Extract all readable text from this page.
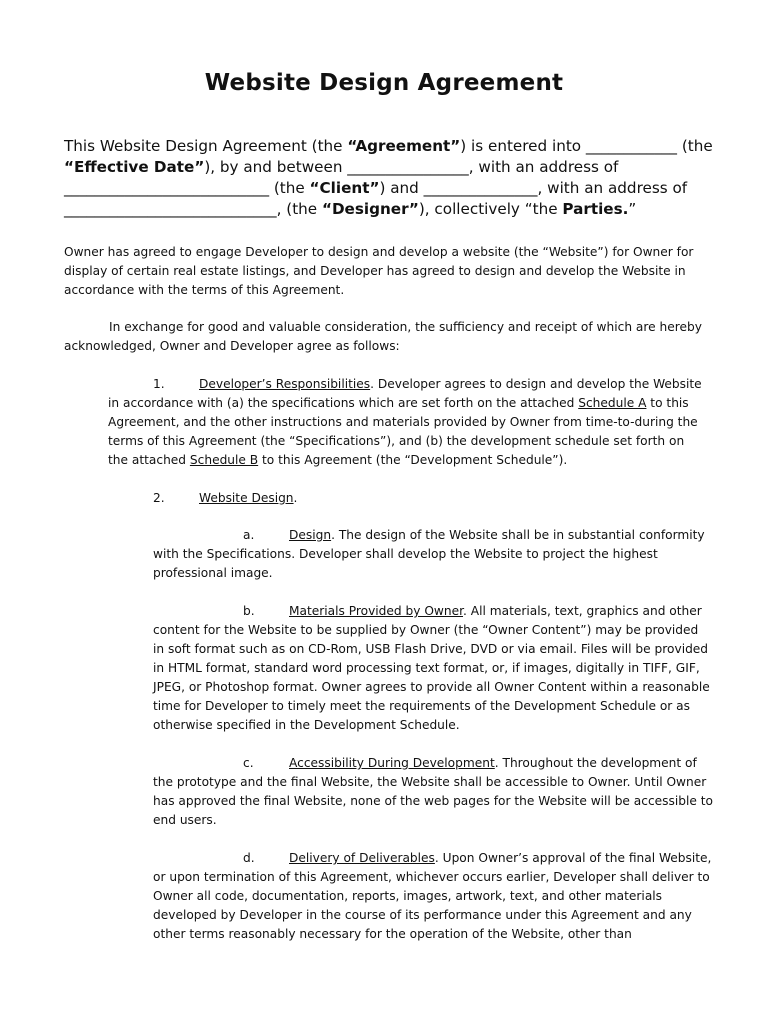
Website Design Agreement

This Website Design Agreement (the “Agreement”) is entered into ____________ (the “Effective Date”), by and between ________________, with an address of ___________________________ (the “Client”) and _______________, with an address of ____________________________, (the “Designer”), collectively “the Parties.”

Owner has agreed to engage Developer to design and develop a website (the “Website”) for Owner for display of certain real estate listings, and Developer has agreed to design and develop the Website in accordance with the terms of this Agreement.

In exchange for good and valuable consideration, the sufficiency and receipt of which are hereby acknowledged, Owner and Developer agree as follows:

1.	Developer’s Responsibilities. Developer agrees to design and develop the Website in accordance with (a) the specifications which are set forth on the attached Schedule A to this Agreement, and the other instructions and materials provided by Owner from time-to-during the terms of this Agreement (the “Specifications”), and (b) the development schedule set forth on the attached Schedule B to this Agreement (the “Development Schedule”).

2.	Website Design.

a.	Design. The design of the Website shall be in substantial conformity with the Specifications. Developer shall develop the Website to project the highest professional image.

b.	Materials Provided by Owner. All materials, text, graphics and other content for the Website to be supplied by Owner (the “Owner Content”) may be provided in soft format such as on CD-Rom, USB Flash Drive, DVD or via email. Files will be provided in HTML format, standard word processing text format, or, if images, digitally in TIFF, GIF, JPEG, or Photoshop format. Owner agrees to provide all Owner Content within a reasonable time for Developer to timely meet the requirements of the Development Schedule or as otherwise specified in the Development Schedule.

c.	Accessibility During Development. Throughout the development of the prototype and the final Website, the Website shall be accessible to Owner. Until Owner has approved the final Website, none of the web pages for the Website will be accessible to end users.

d.	Delivery of Deliverables. Upon Owner’s approval of the final Website, or upon termination of this Agreement, whichever occurs earlier, Developer shall deliver to Owner all code, documentation, reports, images, artwork, text, and other materials developed by Developer in the course of its performance under this Agreement and any other terms reasonably necessary for the operation of the Website, other than
